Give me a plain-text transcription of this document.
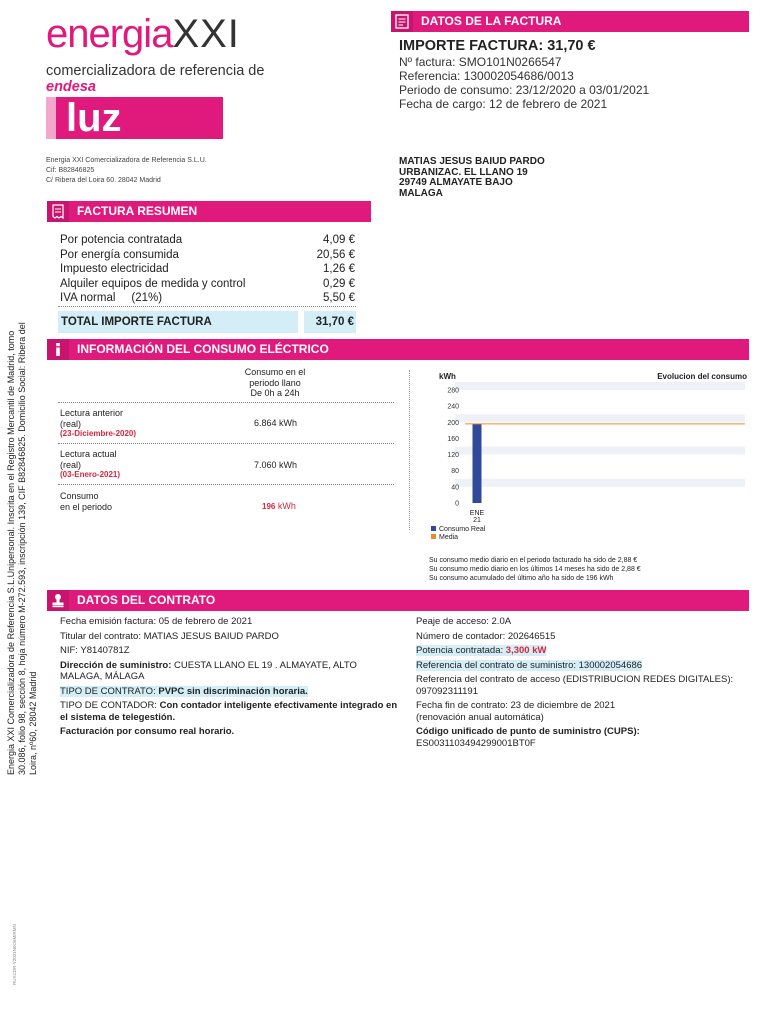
energiaXXI
comercializadora de referencia de endesa
luz
Energia XXI Comercializadora de Referencia S.L.U.
Cif: B82846825
C/ Ribera del Loira 60. 28042 Madrid
DATOS DE LA FACTURA
IMPORTE FACTURA: 31,70 €
Nº factura: SMO101N0266547
Referencia: 130002054686/0013
Periodo de consumo: 23/12/2020 a 03/01/2021
Fecha de cargo: 12 de febrero de 2021
MATIAS JESUS BAIUD PARDO
URBANIZAC. EL LLANO 19
29749 ALMAYATE BAJO
MALAGA
FACTURA RESUMEN
Por potencia contratada	4,09 €
Por energía consumida	20,56 €
Impuesto electricidad	1,26 €
Alquiler equipos de medida y control	0,29 €
IVA normal     (21%)	5,50 €
TOTAL IMPORTE FACTURA	31,70 €
INFORMACIÓN DEL CONSUMO ELÉCTRICO
Consumo en el
periodo llano
De 0h a 24h
Lectura anterior
(real)
(23-Diciembre-2020)
6.864 kWh
Lectura actual
(real)
(03-Enero-2021)
7.060 kWh
Consumo
en el periodo	196 kWh
kWh	Evolucion del consumo
280
240
200
160
120
80
40
0
ENE
21
Consumo Real
Media
Su consumo medio diario en el periodo facturado ha sido de 2,88 €
Su consumo medio diario en los últimos 14 meses ha sido de 2,88 €
Su consumo acumulado del último año ha sido de 196 kWh
DATOS DEL CONTRATO
Fecha emisión factura: 05 de febrero de 2021
Titular del contrato: MATIAS JESUS BAIUD PARDO
NIF: Y8140781Z
Dirección de suministro: CUESTA LLANO EL 19 . ALMAYATE, ALTO MALAGA, MÁLAGA
TIPO DE CONTRATO: PVPC sin discriminación horaria.
TIPO DE CONTADOR: Con contador inteligente efectivamente integrado en el sistema de telegestión.
Facturación por consumo real horario.
Peaje de acceso: 2.0A
Número de contador: 202646515
Potencia contratada: 3,300 kW
Referencia del contrato de suministro: 130002054686
Referencia del contrato de acceso (EDISTRIBUCION REDES DIGITALES): 097092311191
Fecha fin de contrato: 23 de diciembre de 2021
(renovación anual automática)
Código unificado de punto de suministro (CUPS):
ES0031103494299001BT0F
Energia XXI Comercializadora de Referencia S.L.Unipersonal. Inscrita en el Registro Mercantil de Madrid, tomo 30.086, folio 98, sección 8, hoja número M-272.593, inscripción 139, CIF B82846825. Domicilio Social: Ribera del Loira, nº60, 28042 Madrid
RUXCDR-Y2021N0O6MIRMN
